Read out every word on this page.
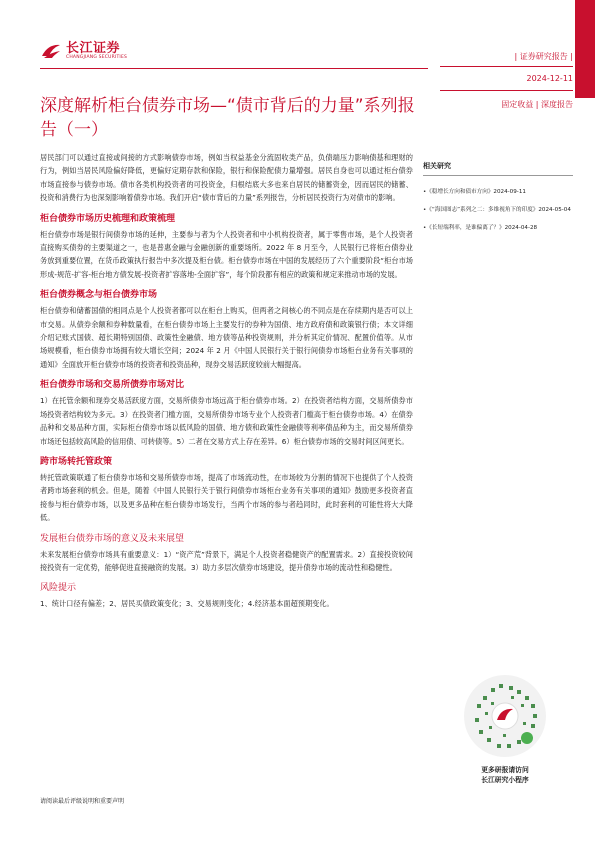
长江证券
CHANGJIANG SECURITIES	| 证券研究报告 |
2024-12-11
固定收益 | 深度报告
深度解析柜台债券市场—“债市背后的力量”系列报告（一）

居民部门可以通过直接或间接的方式影响债券市场，例如当权益基金分流固收类产品，负债端压力影响债基和理财的行为，例如当居民风险偏好降低，更偏好定期存款和保险，银行和保险配债力量增强。居民自身也可以通过柜台债券市场直接参与债券市场。债市各类机构投资者的可投资金，归根结底大多也来自居民的储蓄资金，因而居民的储蓄、投资和消费行为也深刻影响着债券市场。我们开启“债市背后的力量”系列报告，分析居民投资行为对债市的影响。

柜台债券市场历史梳理和政策梳理

柜台债券市场是银行间债券市场的延伸，主要参与者为个人投资者和中小机构投资者，属于零售市场，是个人投资者直接购买债券的主要渠道之一，也是普惠金融与金融创新的重要场所。2022 年 8 月至今，人民银行已将柜台债券业务放到重要位置，在货币政策执行报告中多次提及柜台债。柜台债券市场在中国的发展经历了六个重要阶段“柜台市场形成-规范-扩容-柜台地方债发展-投资者扩容落地-全面扩容”，每个阶段都有相应的政策和规定来推动市场的发展。

柜台债券概念与柜台债券市场

柜台债券和储蓄国债的相同点是个人投资者都可以在柜台上购买，但两者之间核心的不同点是在存续期内是否可以上市交易。从债券余额和券种数量看，在柜台债券市场上主要发行的券种为国债、地方政府债和政策银行债；本文详细介绍记账式国债、超长期特别国债、政策性金融债、地方债等品种投资规则，并分析其定价情况、配置价值等。从市场规模看，柜台债券市场拥有较大增长空间；2024 年 2 月《中国人民银行关于银行间债券市场柜台业务有关事项的通知》全面放开柜台债券市场的投资者和投资品种，现券交易活跃度较前大幅提高。

柜台债券市场和交易所债券市场对比

1）在托管余额和现券交易活跃度方面，交易所债券市场远高于柜台债券市场。2）在投资者结构方面，交易所债券市场投资者结构较为多元。3）在投资者门槛方面，交易所债券市场专业个人投资者门槛高于柜台债券市场。4）在债券品种和交易品种方面，实际柜台债券市场以低风险的国债、地方债和政策性金融债等利率债品种为主，而交易所债券市场还包括较高风险的信用债、可转债等。5）二者在交易方式上存在差异。6）柜台债券市场的交易时间区间更长。

跨市场转托管政策

转托管政策联通了柜台债券市场和交易所债券市场，提高了市场流动性，在市场较为分割的情况下也提供了个人投资者跨市场套利的机会。但是，随着《中国人民银行关于银行间债券市场柜台业务有关事项的通知》鼓励更多投资者直接参与柜台债券市场，以及更多品种在柜台债券市场发行，当两个市场的参与者趋同时，此时套利的可能性将大大降低。

发展柜台债券市场的意义及未来展望

未来发展柜台债券市场具有重要意义：1）“资产荒”背景下，满足个人投资者稳健资产的配置需求。2）直接投资较间接投资有一定优势，能够促进直接融资的发展。3）助力多层次债券市场建设，提升债券市场的流动性和稳健性。

风险提示

1、统计口径有偏差；2、居民买债政策变化；3、交易规则变化；4.经济基本面超预期变化。

相关研究
•《稳增长方向和债市方向》2024-09-11
•《“海国图志”系列之二：多维视角下的印度》2024-05-04
•《长短端利率，是谁偏离了？》2024-04-28
更多研报请访问
长江研究小程序
请阅读最后评级说明和重要声明
